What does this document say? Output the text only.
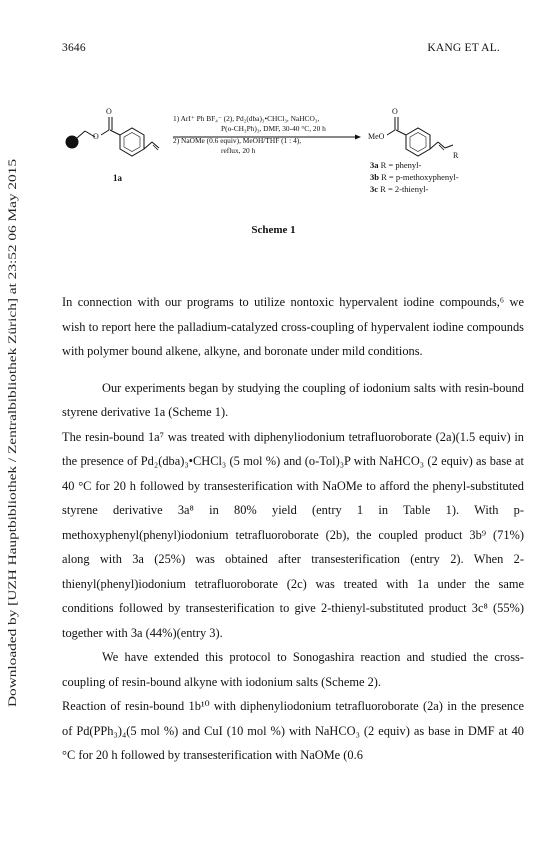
Downloaded by [UZH Hauptbibliothek / Zentralbibliothek Zürich] at 23:52 06 May 2015
3646	KANG ET AL.
O
O
O
MeO
R
1a
1) ArI⁺ Ph BF₄⁻ (2), Pd₂(dba)₃•CHCl₃, NaHCO₃,
P(o-CH₃Ph)₃, DMF, 30-40 °C, 20 h
2) NaOMe (0.6 equiv), MeOH/THF (1 : 4),
reflux, 20 h
3a R = phenyl-
3b R = p-methoxyphenyl-
3c R = 2-thienyl-
Scheme 1

In connection with our programs to utilize nontoxic hypervalent iodine compounds,⁶ we wish to report here the palladium-catalyzed cross-coupling of hypervalent iodine compounds with polymer bound alkene, alkyne, and boronate under mild conditions.

Our experiments began by studying the coupling of iodonium salts with resin-bound styrene derivative 1a (Scheme 1).

The resin-bound 1a⁷ was treated with diphenyliodonium tetrafluoroborate (2a)(1.5 equiv) in the presence of Pd₂(dba)₃•CHCl₃ (5 mol %) and (o-Tol)₃P with NaHCO₃ (2 equiv) as base at 40 °C for 20 h followed by transesterification with NaOMe to afford the phenyl-substituted styrene derivative 3a⁸ in 80% yield (entry 1 in Table 1). With p-methoxyphenyl(phenyl)iodonium tetrafluoroborate (2b), the coupled product 3b⁹ (71%) along with 3a (25%) was obtained after transesterification (entry 2). When 2-thienyl(phenyl)iodonium tetrafluoroborate (2c) was treated with 1a under the same conditions followed by transesterification to give 2-thienyl-substituted product 3c⁸ (55%) together with 3a (44%)(entry 3).

We have extended this protocol to Sonogashira reaction and studied the cross-coupling of resin-bound alkyne with iodonium salts (Scheme 2).

Reaction of resin-bound 1b¹⁰ with diphenyliodonium tetrafluoroborate (2a) in the presence of Pd(PPh₃)₄(5 mol %) and CuI (10 mol %) with NaHCO₃ (2 equiv) as base in DMF at 40 °C for 20 h followed by transesterification with NaOMe (0.6
